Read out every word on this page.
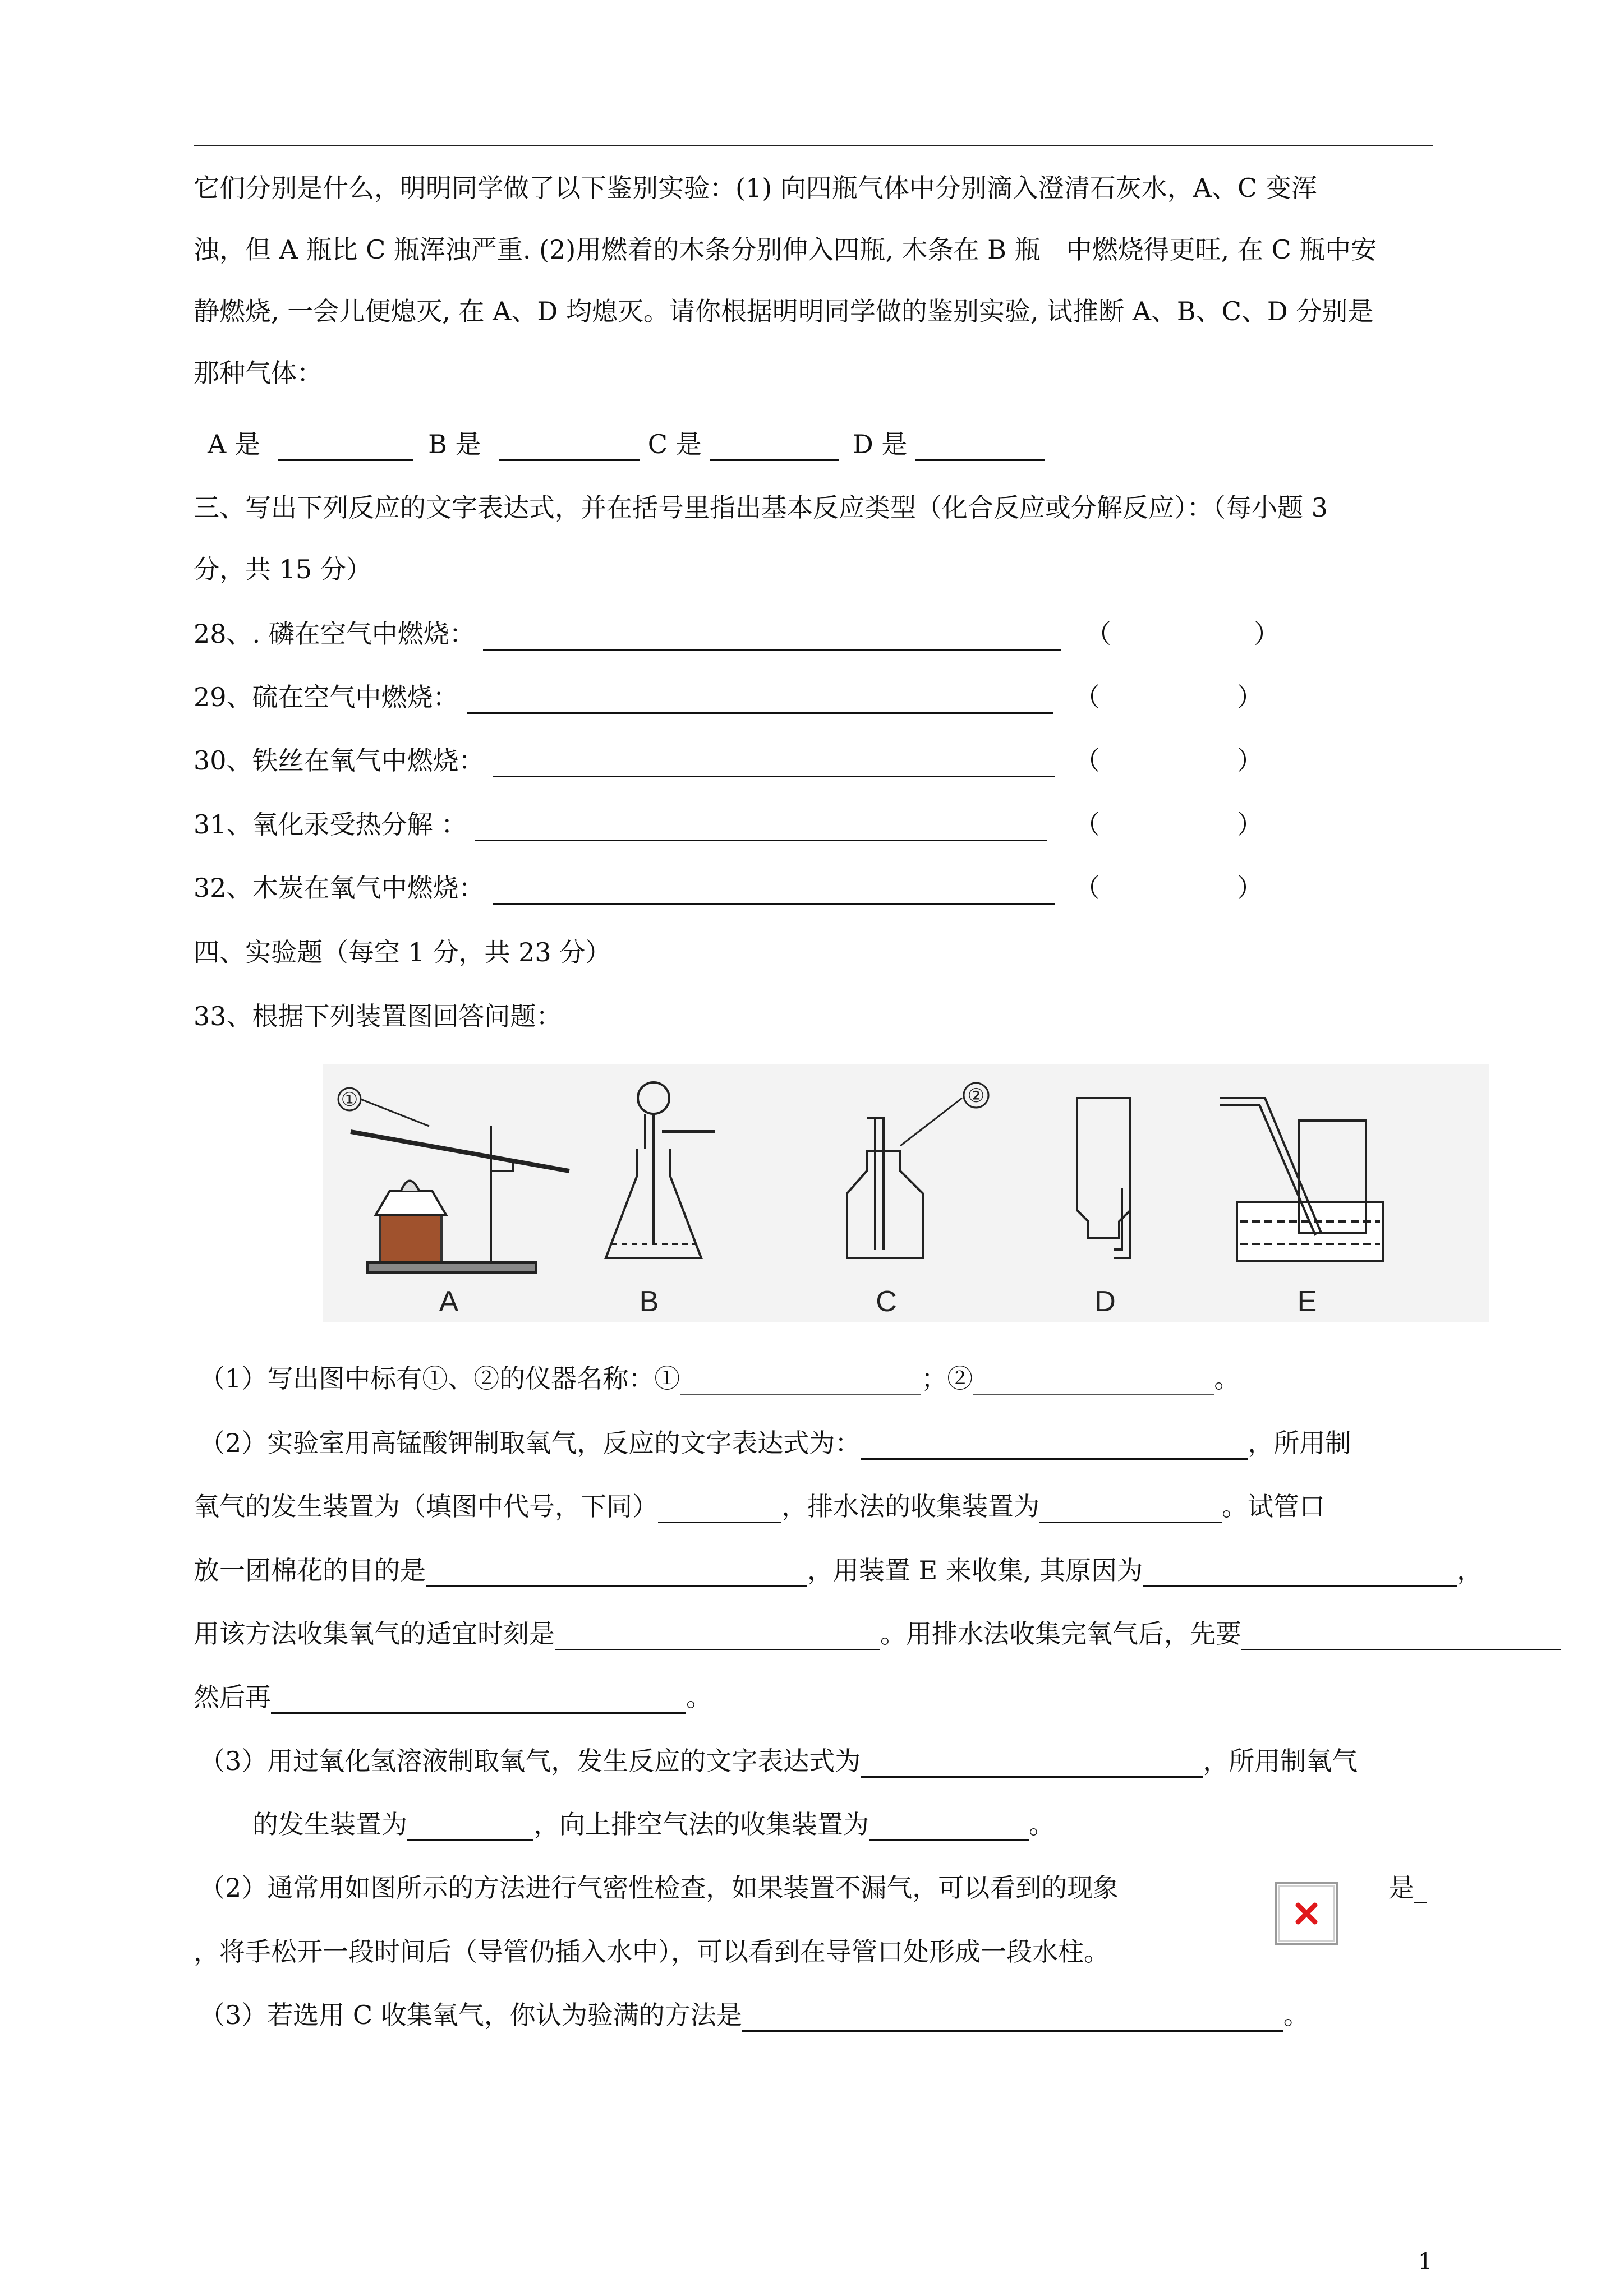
它们分别是什么，明明同学做了以下鉴别实验：(1) 向四瓶气体中分别滴入澄清石灰水，A、C 变浑
浊，但 A 瓶比 C 瓶浑浊严重. (2)用燃着的木条分别伸入四瓶, 木条在 B 瓶　中燃烧得更旺, 在 C 瓶中安
静燃烧, 一会儿便熄灭, 在 A、D 均熄灭。请你根据明明同学做的鉴别实验, 试推断 A、B、C、D 分别是
那种气体：
A 是	B 是	C 是	D 是
三、写出下列反应的文字表达式，并在括号里指出基本反应类型（化合反应或分解反应）：（每小题 3
分，共 15 分）
28、. 磷在空气中燃烧：	（	）
29、硫在空气中燃烧：	（	）
30、铁丝在氧气中燃烧：	（	）
31、氧化汞受热分解 ：	（	）
32、木炭在氧气中燃烧：	（	）
四、实验题（每空 1 分，共 23 分）
33、根据下列装置图回答问题：
A	B	C	D	E
①	②
（1）写出图中标有①、②的仪器名称：①	；②	。
（2）实验室用高锰酸钾制取氧气，反应的文字表达式为：	，所用制
氧气的发生装置为（填图中代号，下同）	，排水法的收集装置为	。试管口
放一团棉花的目的是	，用装置 E 来收集, 其原因为	，
用该方法收集氧气的适宜时刻是	。用排水法收集完氧气后，先要
然后再	。
（3）用过氧化氢溶液制取氧气，发生反应的文字表达式为	，所用制氧气
的发生装置为	，向上排空气法的收集装置为	。
（2）通常用如图所示的方法进行气密性检查，如果装置不漏气，可以看到的现象	是_
，将手松开一段时间后（导管仍插入水中），可以看到在导管口处形成一段水柱。
（3）若选用 C 收集氧气，你认为验满的方法是	。
1
